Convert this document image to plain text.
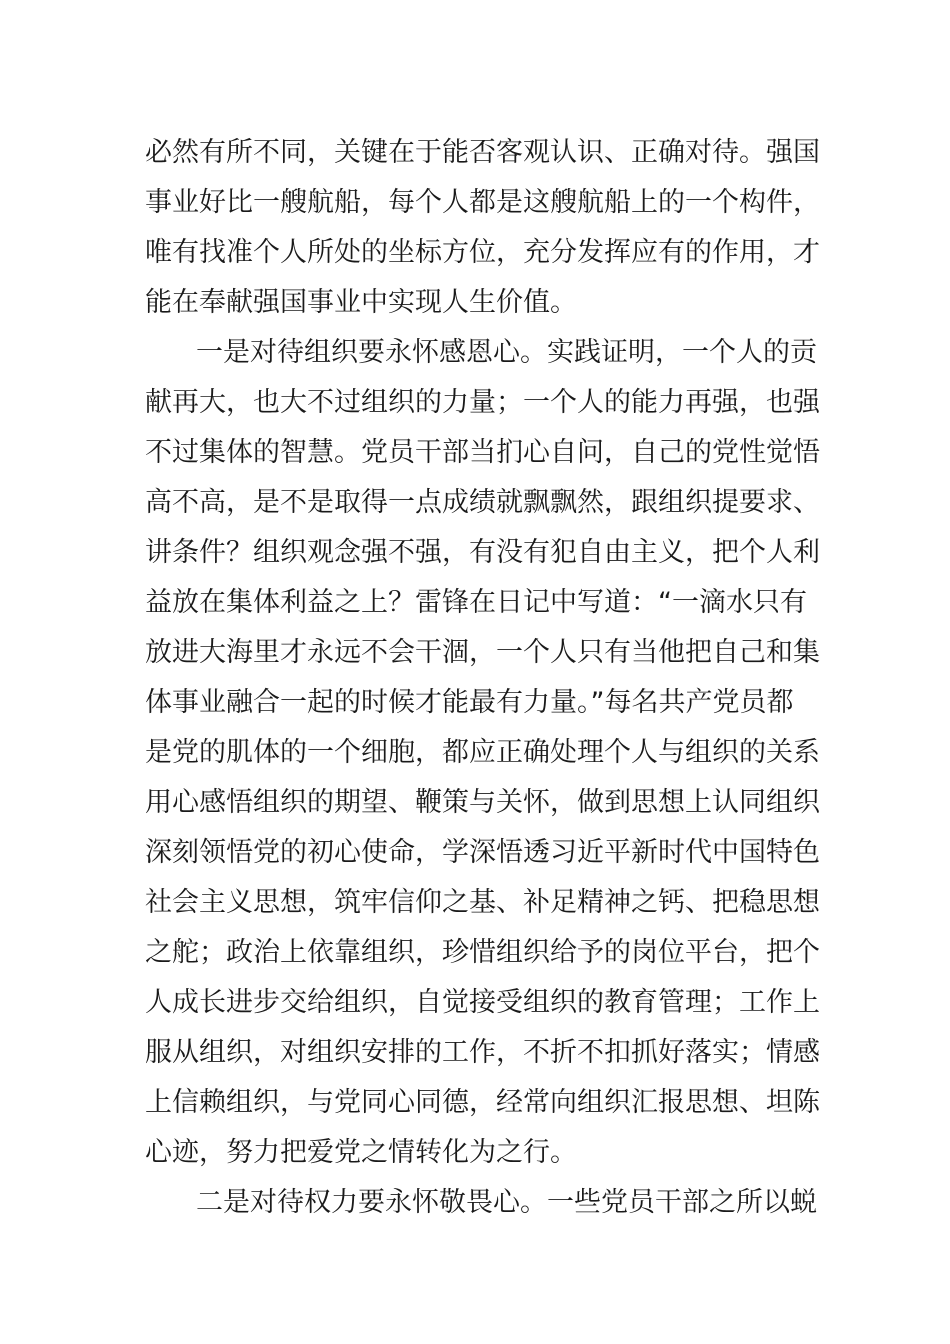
必然有所不同，关键在于能否客观认识、正确对待。强国
事业好比一艘航船，每个人都是这艘航船上的一个构件，
唯有找准个人所处的坐标方位，充分发挥应有的作用，才
能在奉献强国事业中实现人生价值。
一是对待组织要永怀感恩心。实践证明，一个人的贡
献再大，也大不过组织的力量；一个人的能力再强，也强
不过集体的智慧。党员干部当扪心自问，自己的党性觉悟
高不高，是不是取得一点成绩就飘飘然，跟组织提要求、
讲条件？组织观念强不强，有没有犯自由主义，把个人利
益放在集体利益之上？雷锋在日记中写道：“一滴水只有
放进大海里才永远不会干涸，一个人只有当他把自己和集
体事业融合一起的时候才能最有力量。”每名共产党员都
是党的肌体的一个细胞，都应正确处理个人与组织的关系
用心感悟组织的期望、鞭策与关怀，做到思想上认同组织
深刻领悟党的初心使命，学深悟透习近平新时代中国特色
社会主义思想，筑牢信仰之基、补足精神之钙、把稳思想
之舵；政治上依靠组织，珍惜组织给予的岗位平台，把个
人成长进步交给组织，自觉接受组织的教育管理；工作上
服从组织，对组织安排的工作，不折不扣抓好落实；情感
上信赖组织，与党同心同德，经常向组织汇报思想、坦陈
心迹，努力把爱党之情转化为之行。
二是对待权力要永怀敬畏心。一些党员干部之所以蜕
